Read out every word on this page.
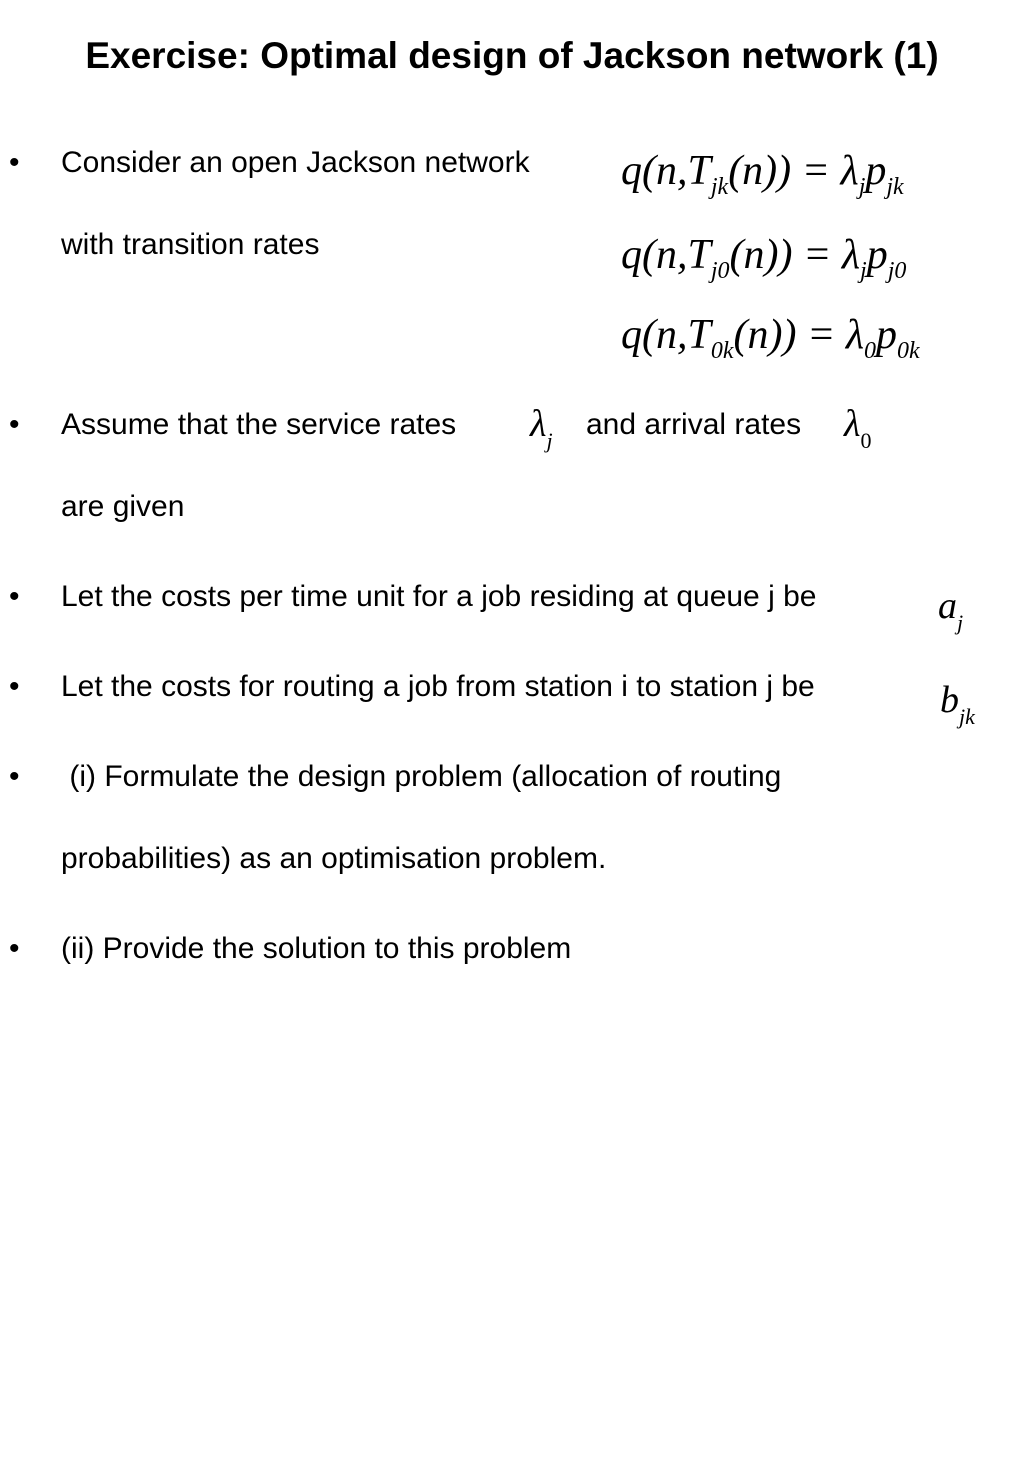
Exercise: Optimal design of Jackson network (1)
• Consider an open Jackson network
with transition rates
$q(n,T_{jk}(n)) = \lambda_jp_{jk}$
$q(n,T_{j0}(n)) = \lambda_jp_{j0}$
$q(n,T_{0k}(n)) = \lambda_0p_{0k}$
• Assume that the service rates $\lambda_j$ and arrival rates $\lambda_0$
are given
• Let the costs per time unit for a job residing at queue j be	$a_j$
• Let the costs for routing a job from station i to station j be	$b_{jk}$
• (i) Formulate the design problem (allocation of routing
probabilities) as an optimisation problem.
• (ii) Provide the solution to this problem
